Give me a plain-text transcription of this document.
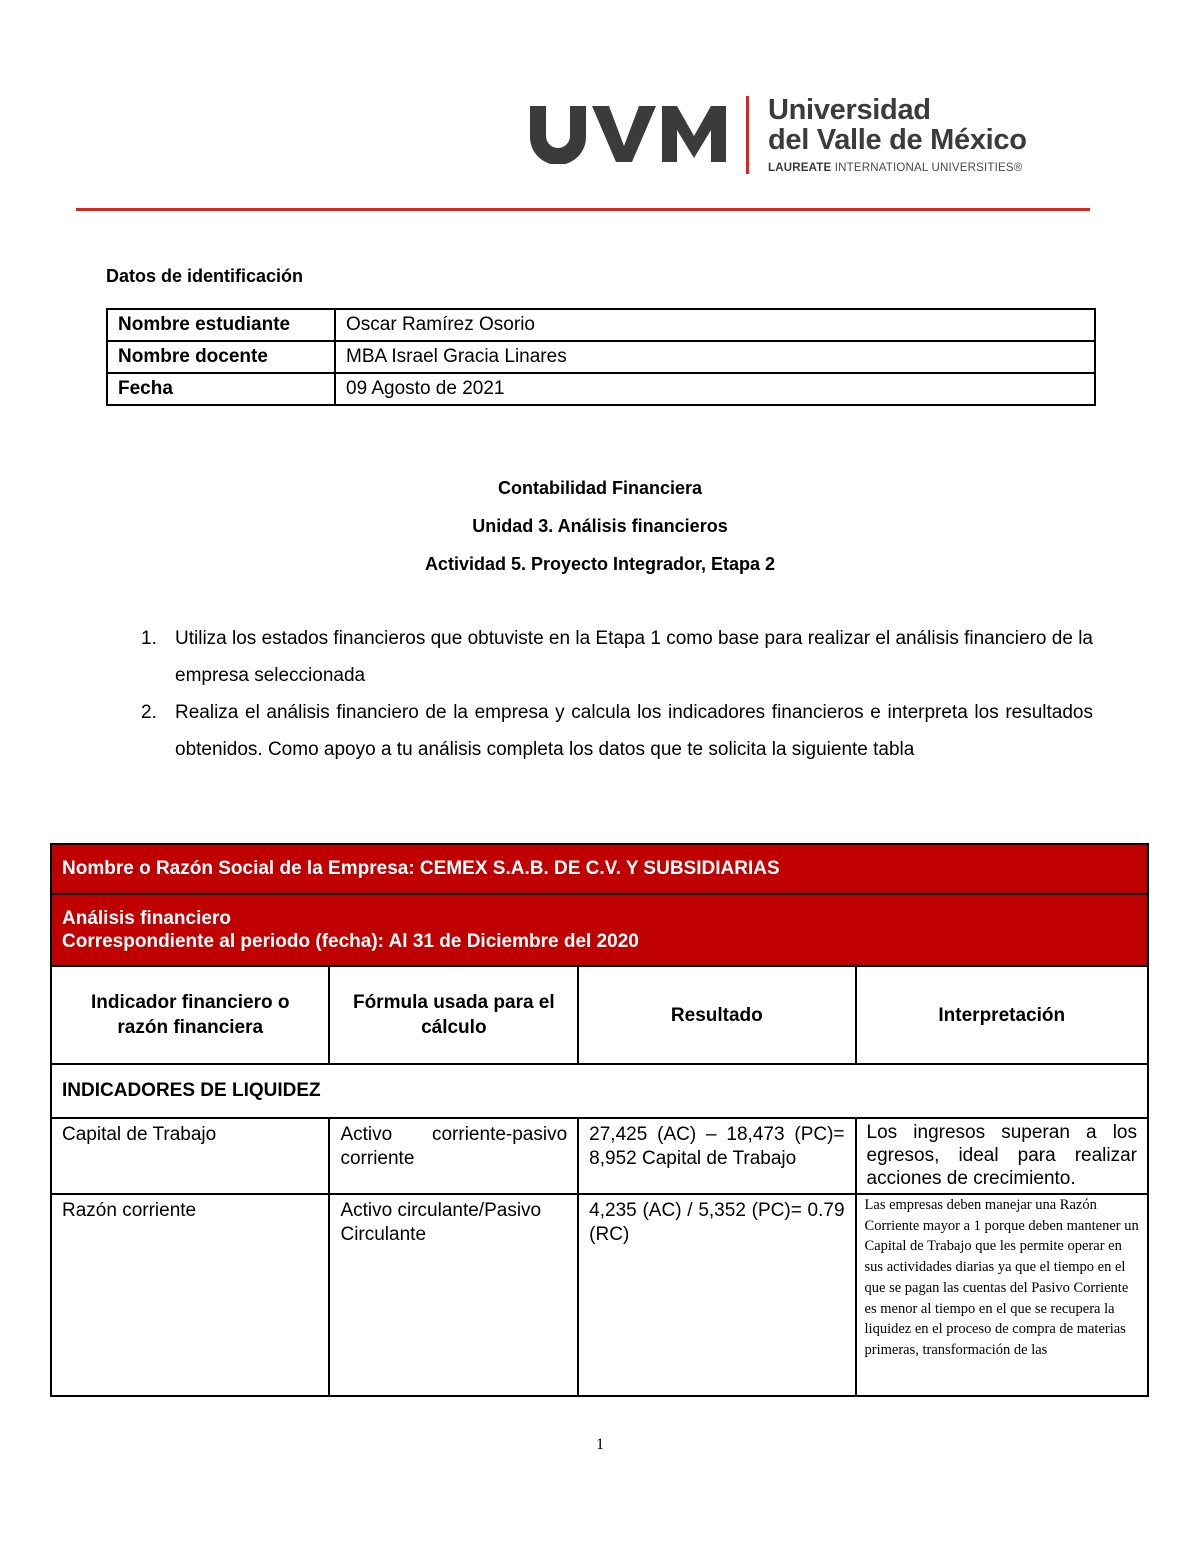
Universidad
del Valle de México
LAUREATE INTERNATIONAL UNIVERSITIES®
Datos de identificación
Nombre estudiante	Oscar Ramírez Osorio
Nombre docente	MBA Israel Gracia Linares
Fecha	09 Agosto de 2021
Contabilidad Financiera
Unidad 3. Análisis financieros
Actividad 5. Proyecto Integrador, Etapa 2
1. Utiliza los estados financieros que obtuviste en la Etapa 1 como base para realizar el análisis financiero de la empresa seleccionada
2. Realiza el análisis financiero de la empresa y calcula los indicadores financieros e interpreta los resultados obtenidos. Como apoyo a tu análisis completa los datos que te solicita la siguiente tabla
Nombre o Razón Social de la Empresa: CEMEX S.A.B. DE C.V. Y SUBSIDIARIAS			

Análisis financiero
Correspondiente al periodo (fecha): Al 31 de Diciembre del 2020			

Indicador financiero o razón financiera	Fórmula usada para el cálculo	Resultado	Interpretación
INDICADORES DE LIQUIDEZ			
Capital de Trabajo	Activo corriente-pasivo corriente	27,425 (AC) – 18,473 (PC)= 8,952 Capital de Trabajo	Los ingresos superan a los egresos, ideal para realizar acciones de crecimiento.
Razón corriente	Activo circulante/Pasivo Circulante	4,235 (AC) / 5,352 (PC)= 0.79 (RC)	Las empresas deben manejar una Razón Corriente mayor a 1 porque deben mantener un Capital de Trabajo que les permite operar en sus actividades diarias ya que el tiempo en el que se pagan las cuentas del Pasivo Corriente es menor al tiempo en el que se recupera la liquidez en el proceso de compra de materias primeras, transformación de las
1
